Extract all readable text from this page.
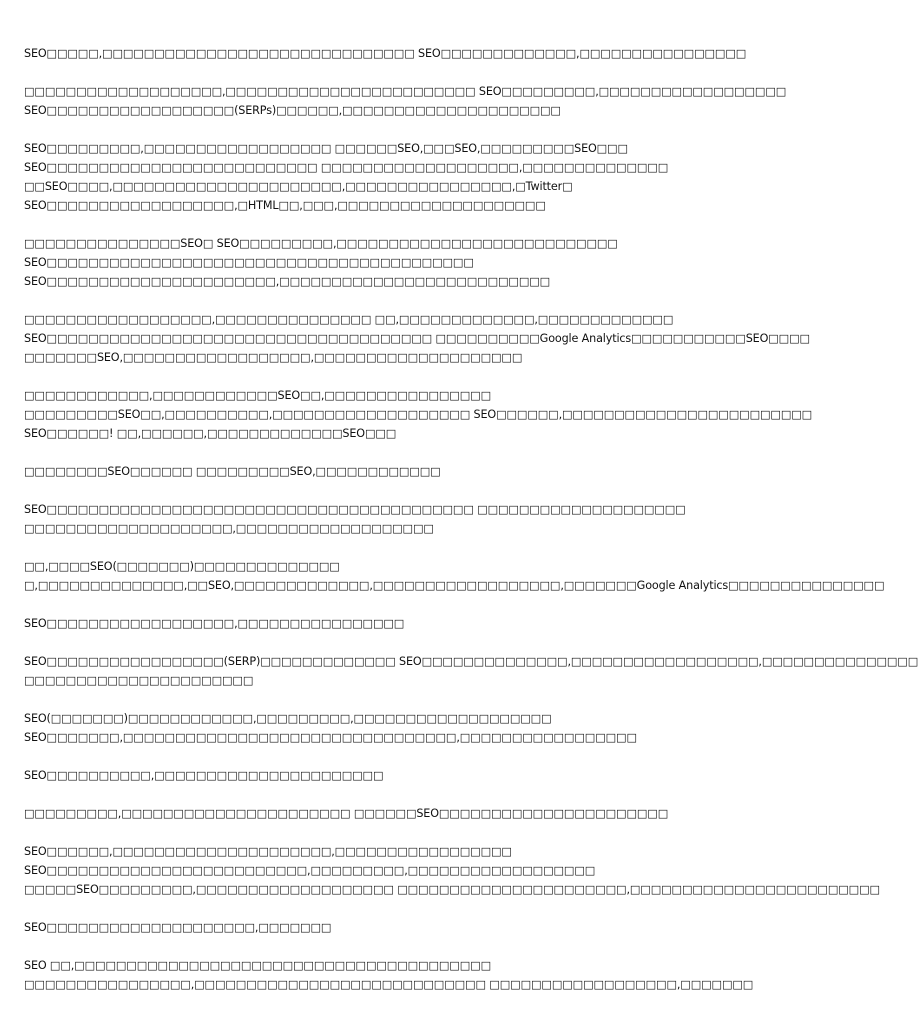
SEO□□□□□,□□□□□□□□□□□□□□□□□□□□□□□□□□□□□□ SEO□□□□□□□□□□□□□,□□□□□□□□□□□□□□□□
□□□□□□□□□□□□□□□□□□□,□□□□□□□□□□□□□□□□□□□□□□□□ SEO□□□□□□□□□,□□□□□□□□□□□□□□□□□□
SEO□□□□□□□□□□□□□□□□□□(SERPs)□□□□□□,□□□□□□□□□□□□□□□□□□□□□
SEO□□□□□□□□□,□□□□□□□□□□□□□□□□□□ □□□□□□SEO,□□□SEO,□□□□□□□□□SEO□□□
SEO□□□□□□□□□□□□□□□□□□□□□□□□□□ □□□□□□□□□□□□□□□□□□□,□□□□□□□□□□□□□□
□□SEO□□□□,□□□□□□□□□□□□□□□□□□□□□□,□□□□□□□□□□□□□□□□,□Twitter□
SEO□□□□□□□□□□□□□□□□□□,□HTML□□,□□□,□□□□□□□□□□□□□□□□□□□□
□□□□□□□□□□□□□□□SEO□ SEO□□□□□□□□□,□□□□□□□□□□□□□□□□□□□□□□□□□□□
SEO□□□□□□□□□□□□□□□□□□□□□□□□□□□□□□□□□□□□□□□□□
SEO□□□□□□□□□□□□□□□□□□□□□□,□□□□□□□□□□□□□□□□□□□□□□□□□□
□□□□□□□□□□□□□□□□□□,□□□□□□□□□□□□□□□ □□,□□□□□□□□□□□□□,□□□□□□□□□□□□□
SEO□□□□□□□□□□□□□□□□□□□□□□□□□□□□□□□□□□□□□ □□□□□□□□□□Google Analytics□□□□□□□□□□□SEO□□□□
□□□□□□□SEO,□□□□□□□□□□□□□□□□□□,□□□□□□□□□□□□□□□□□□□□
□□□□□□□□□□□□,□□□□□□□□□□□□SEO□□,□□□□□□□□□□□□□□□□
□□□□□□□□□SEO□□,□□□□□□□□□□,□□□□□□□□□□□□□□□□□□□ SEO□□□□□□,□□□□□□□□□□□□□□□□□□□□□□□□
SEO□□□□□□! □□,□□□□□□,□□□□□□□□□□□□□SEO□□□
□□□□□□□□SEO□□□□□□ □□□□□□□□□SEO,□□□□□□□□□□□□
SEO□□□□□□□□□□□□□□□□□□□□□□□□□□□□□□□□□□□□□□□□□ □□□□□□□□□□□□□□□□□□□□
□□□□□□□□□□□□□□□□□□□□,□□□□□□□□□□□□□□□□□□□
□□,□□□□SEO(□□□□□□□)□□□□□□□□□□□□□□
□,□□□□□□□□□□□□□□,□□SEO,□□□□□□□□□□□□□,□□□□□□□□□□□□□□□□□□,□□□□□□□Google Analytics□□□□□□□□□□□□□□□
SEO□□□□□□□□□□□□□□□□□□,□□□□□□□□□□□□□□□□
SEO□□□□□□□□□□□□□□□□□(SERP)□□□□□□□□□□□□□ SEO□□□□□□□□□□□□□□,□□□□□□□□□□□□□□□□□□,□□□□□□□□□□□□□□□
□□□□□□□□□□□□□□□□□□□□□□
SEO(□□□□□□□)□□□□□□□□□□□□,□□□□□□□□□,□□□□□□□□□□□□□□□□□□□
SEO□□□□□□□,□□□□□□□□□□□□□□□□□□□□□□□□□□□□□□□□,□□□□□□□□□□□□□□□□□
SEO□□□□□□□□□□,□□□□□□□□□□□□□□□□□□□□□□
□□□□□□□□□,□□□□□□□□□□□□□□□□□□□□□□ □□□□□□SEO□□□□□□□□□□□□□□□□□□□□□□
SEO□□□□□□,□□□□□□□□□□□□□□□□□□□□□,□□□□□□□□□□□□□□□□□
SEO□□□□□□□□□□□□□□□□□□□□□□□□□,□□□□□□□□□,□□□□□□□□□□□□□□□□□□
□□□□□SEO□□□□□□□□□,□□□□□□□□□□□□□□□□□□□ □□□□□□□□□□□□□□□□□□□□□□,□□□□□□□□□□□□□□□□□□□□□□□□
SEO□□□□□□□□□□□□□□□□□□□□,□□□□□□□
SEO □□,□□□□□□□□□□□□□□□□□□□□□□□□□□□□□□□□□□□□□□□□
□□□□□□□□□□□□□□□□,□□□□□□□□□□□□□□□□□□□□□□□□□□□□ □□□□□□□□□□□□□□□□□□,□□□□□□□
